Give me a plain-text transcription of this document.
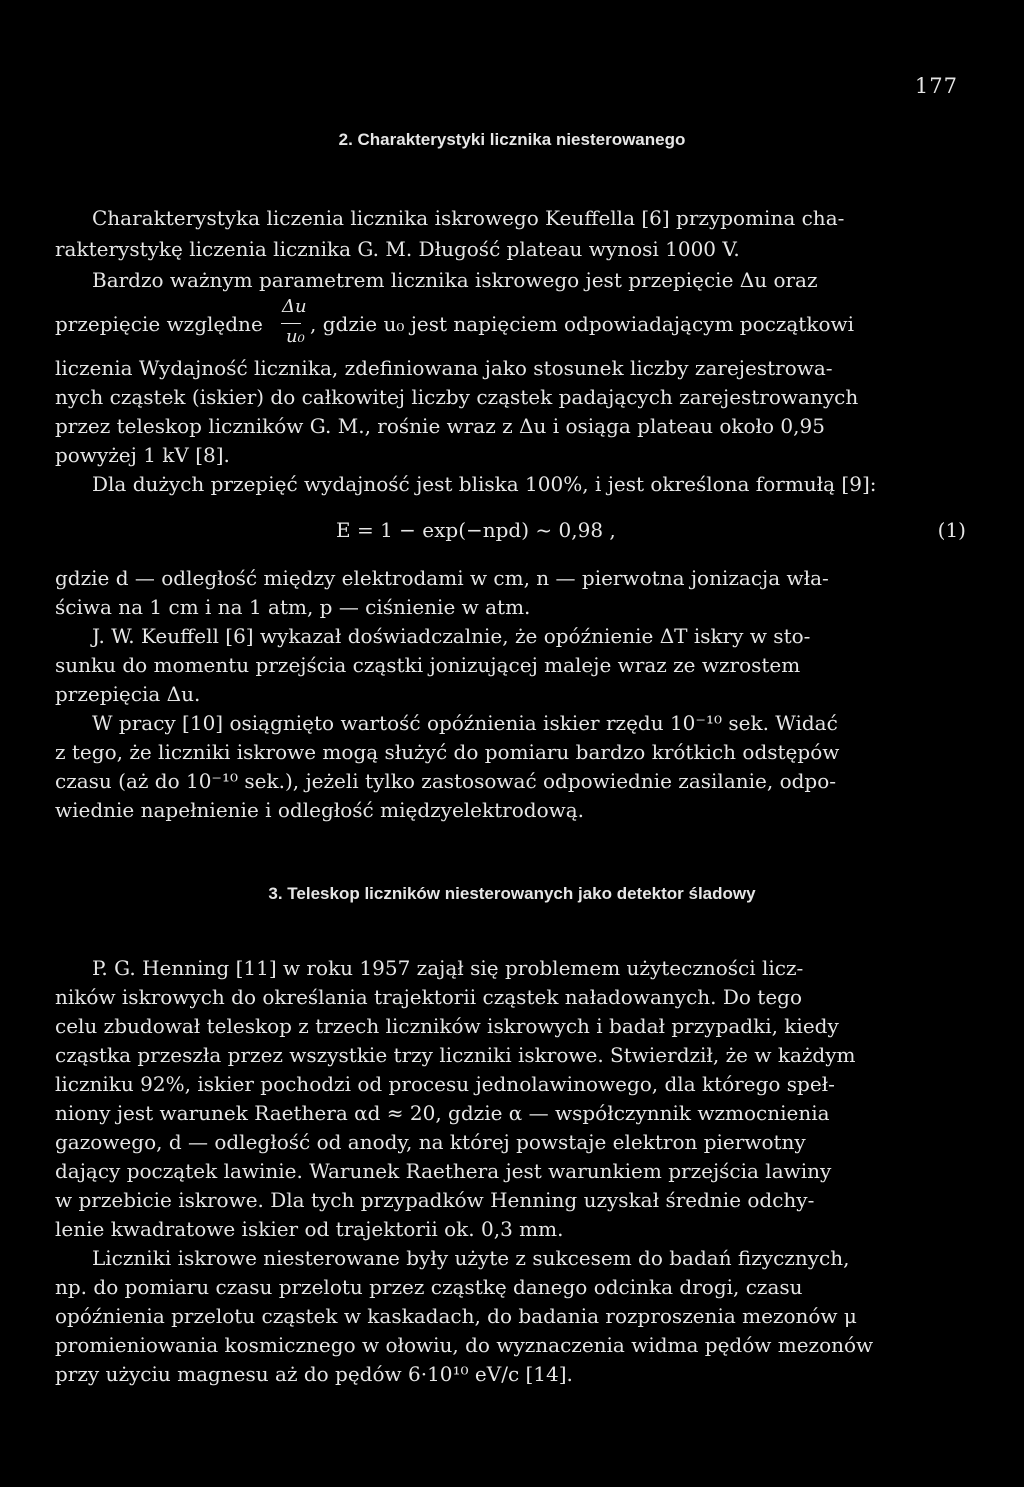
177
2. Charakterystyki licznika niesterowanego
Charakterystyka liczenia licznika iskrowego Keuffella [6] przypomina cha-
rakterystykę liczenia licznika G. M. Długość plateau wynosi 1000 V.
Bardzo ważnym parametrem licznika iskrowego jest przepięcie Δu oraz
przepięcie względne
Δu
u₀
, gdzie u₀ jest napięciem odpowiadającym początkowi
liczenia Wydajność licznika, zdefiniowana jako stosunek liczby zarejestrowa-
nych cząstek (iskier) do całkowitej liczby cząstek padających zarejestrowanych
przez teleskop liczników G. M., rośnie wraz z Δu i osiąga plateau około 0,95
powyżej 1 kV [8].
Dla dużych przepięć wydajność jest bliska 100%, i jest określona formułą [9]:
E = 1 − exp(−npd) ~ 0,98 ,	(1)
gdzie d — odległość między elektrodami w cm, n — pierwotna jonizacja wła-
ściwa na 1 cm i na 1 atm, p — ciśnienie w atm.
J. W. Keuffell [6] wykazał doświadczalnie, że opóźnienie ΔT iskry w sto-
sunku do momentu przejścia cząstki jonizującej maleje wraz ze wzrostem
przepięcia Δu.
W pracy [10] osiągnięto wartość opóźnienia iskier rzędu 10⁻¹⁰ sek. Widać
z tego, że liczniki iskrowe mogą służyć do pomiaru bardzo krótkich odstępów
czasu (aż do 10⁻¹⁰ sek.), jeżeli tylko zastosować odpowiednie zasilanie, odpo-
wiednie napełnienie i odległość międzyelektrodową.
3. Teleskop liczników niesterowanych jako detektor śladowy
P. G. Henning [11] w roku 1957 zajął się problemem użyteczności licz-
ników iskrowych do określania trajektorii cząstek naładowanych. Do tego
celu zbudował teleskop z trzech liczników iskrowych i badał przypadki, kiedy
cząstka przeszła przez wszystkie trzy liczniki iskrowe. Stwierdził, że w każdym
liczniku 92%, iskier pochodzi od procesu jednolawinowego, dla którego speł-
niony jest warunek Raethera αd ≈ 20, gdzie α — współczynnik wzmocnienia
gazowego, d — odległość od anody, na której powstaje elektron pierwotny
dający początek lawinie. Warunek Raethera jest warunkiem przejścia lawiny
w przebicie iskrowe. Dla tych przypadków Henning uzyskał średnie odchy-
lenie kwadratowe iskier od trajektorii ok. 0,3 mm.
Liczniki iskrowe niesterowane były użyte z sukcesem do badań fizycznych,
np. do pomiaru czasu przelotu przez cząstkę danego odcinka drogi, czasu
opóźnienia przelotu cząstek w kaskadach, do badania rozproszenia mezonów μ
promieniowania kosmicznego w ołowiu, do wyznaczenia widma pędów mezonów
przy użyciu magnesu aż do pędów 6·10¹⁰ eV/c [14].
